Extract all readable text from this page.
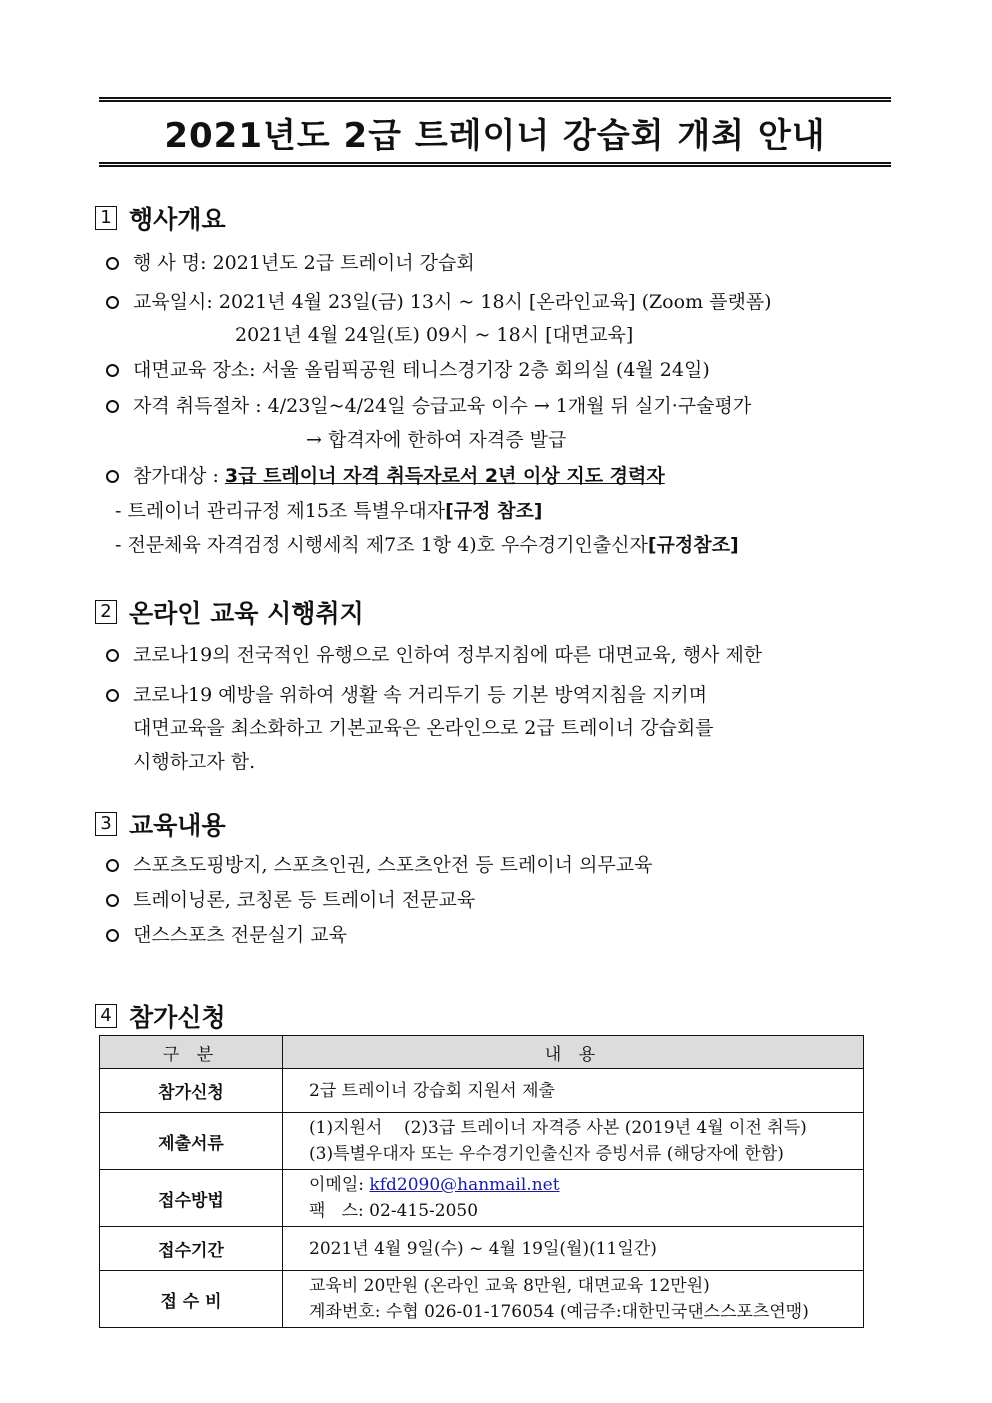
2021년도 2급 트레이너 강습회 개최 안내
1 행사개요
행 사 명: 2021년도 2급 트레이너 강습회
교육일시: 2021년 4월 23일(금) 13시 ~ 18시 [온라인교육] (Zoom 플랫폼)
2021년 4월 24일(토) 09시 ~ 18시 [대면교육]
대면교육 장소: 서울 올림픽공원 테니스경기장 2층 회의실 (4월 24일)
자격 취득절차 : 4/23일~4/24일 승급교육 이수 → 1개월 뒤 실기·구술평가
→ 합격자에 한하여 자격증 발급
참가대상 : 3급 트레이너 자격 취득자로서 2년 이상 지도 경력자
- 트레이너 관리규정 제15조 특별우대자[규정 참조]
- 전문체육 자격검정 시행세칙 제7조 1항 4)호 우수경기인출신자[규정참조]
2 온라인 교육 시행취지
코로나19의 전국적인 유행으로 인하여 정부지침에 따른 대면교육, 행사 제한
코로나19 예방을 위하여 생활 속 거리두기 등 기본 방역지침을 지키며
대면교육을 최소화하고 기본교육은 온라인으로 2급 트레이너 강습회를
시행하고자 함.
3 교육내용
스포츠도핑방지, 스포츠인권, 스포츠안전 등 트레이너 의무교육
트레이닝론, 코칭론 등 트레이너 전문교육
댄스스포츠 전문실기 교육
4 참가신청
구 분	내 용
참가신청	2급 트레이너 강습회 지원서 제출
제출서류	(1)지원서    (2)3급 트레이너 자격증 사본 (2019년 4월 이전 취득)
(3)특별우대자 또는 우수경기인출신자 증빙서류 (해당자에 한함)

접수방법	이메일: kfd2090@hanmail.net
팩   스: 02-415-2050

접수기간	2021년 4월 9일(수) ~ 4월 19일(월)(11일간)
접 수 비	교육비 20만원 (온라인 교육 8만원, 대면교육 12만원)
계좌번호: 수협 026-01-176054 (예금주:대한민국댄스스포츠연맹)
